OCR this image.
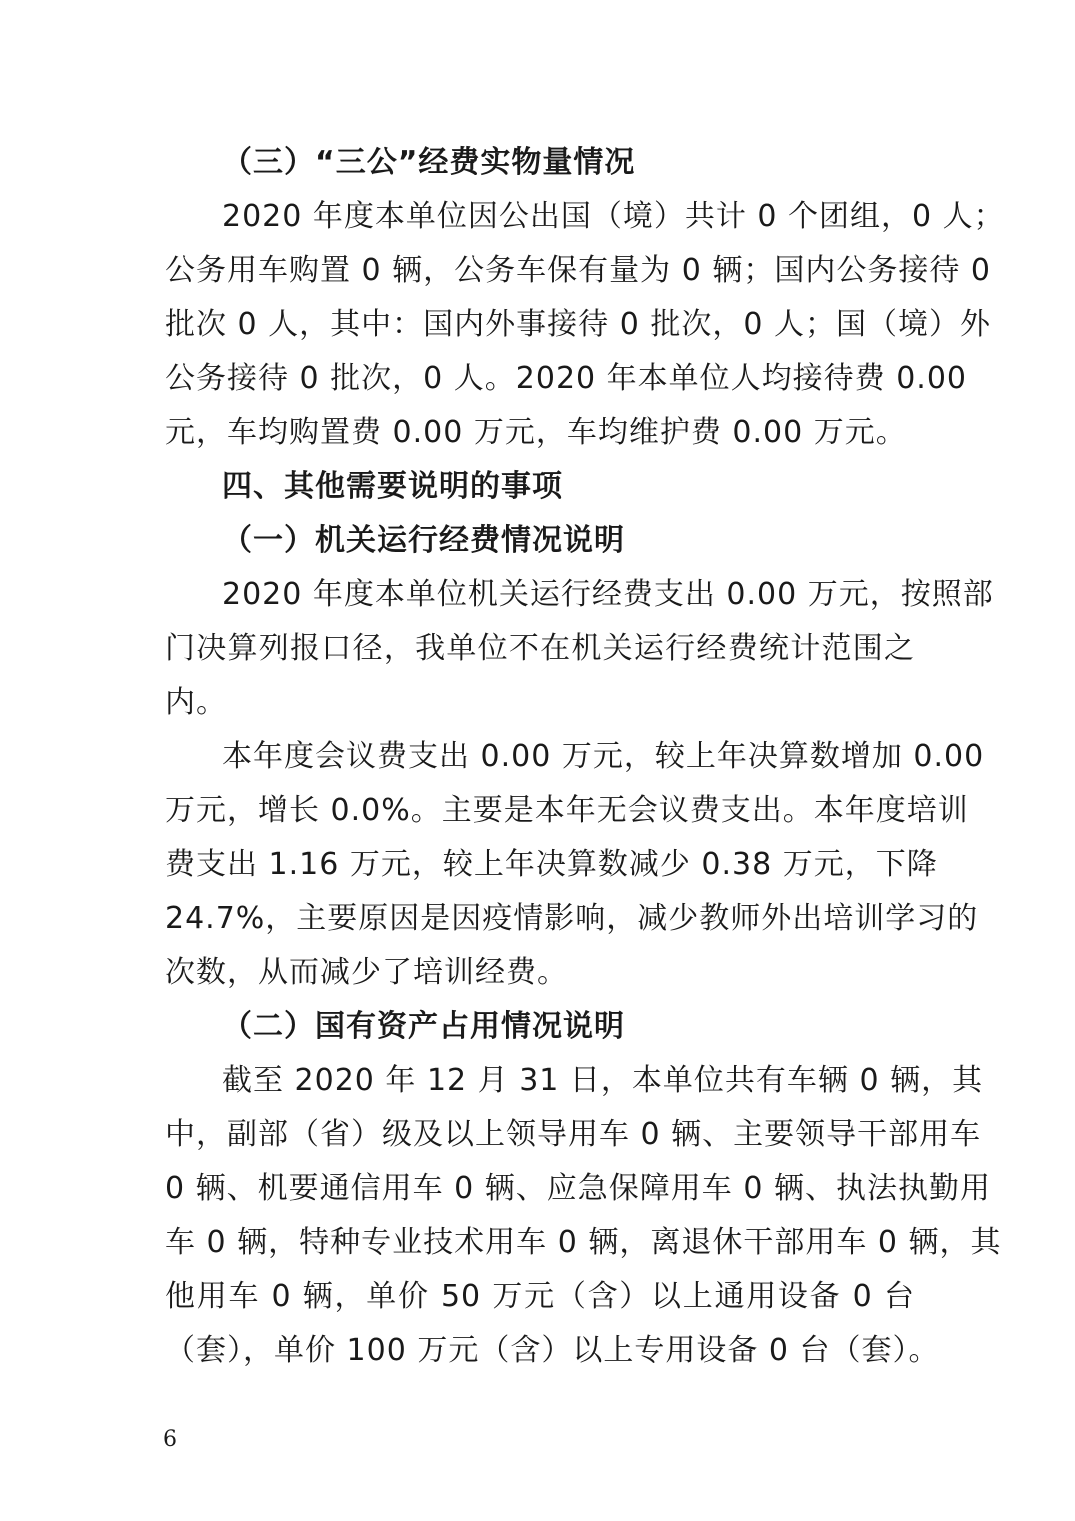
（三）“三公”经费实物量情况
2020 年度本单位因公出国（境）共计 0 个团组，0 人；
公务用车购置 0 辆，公务车保有量为 0 辆；国内公务接待 0
批次 0 人，其中：国内外事接待 0 批次，0 人；国（境）外
公务接待 0 批次，0 人。2020 年本单位人均接待费 0.00
元，车均购置费 0.00 万元，车均维护费 0.00 万元。
四、其他需要说明的事项
（一）机关运行经费情况说明
2020 年度本单位机关运行经费支出 0.00 万元，按照部
门决算列报口径，我单位不在机关运行经费统计范围之
内。
本年度会议费支出 0.00 万元，较上年决算数增加 0.00
万元，增长 0.0%。主要是本年无会议费支出。本年度培训
费支出 1.16 万元，较上年决算数减少 0.38 万元，下降
24.7%，主要原因是因疫情影响，减少教师外出培训学习的
次数，从而减少了培训经费。
（二）国有资产占用情况说明
截至 2020 年 12 月 31 日，本单位共有车辆 0 辆，其
中，副部（省）级及以上领导用车 0 辆、主要领导干部用车
0 辆、机要通信用车 0 辆、应急保障用车 0 辆、执法执勤用
车 0 辆，特种专业技术用车 0 辆，离退休干部用车 0 辆，其
他用车 0 辆，单价 50 万元（含）以上通用设备 0 台
（套），单价 100 万元（含）以上专用设备 0 台（套）。
6
